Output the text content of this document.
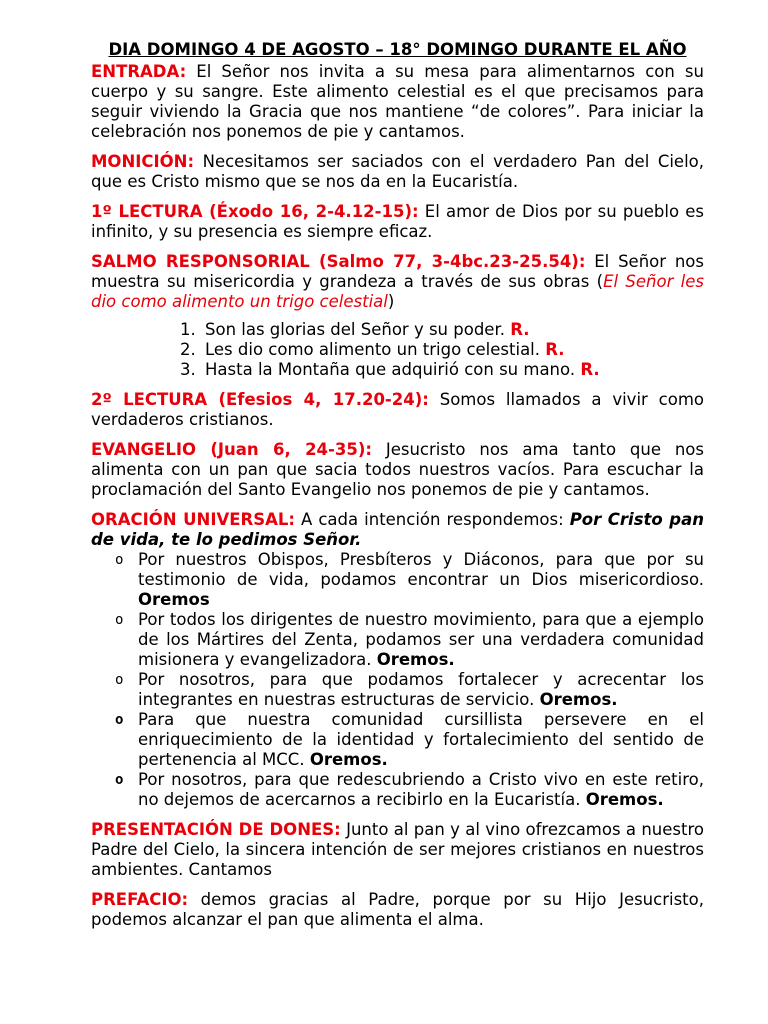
DIA DOMINGO 4 DE AGOSTO – 18° DOMINGO DURANTE EL AÑO

ENTRADA: El Señor nos invita a su mesa para alimentarnos con su cuerpo y su sangre. Este alimento celestial es el que precisamos para seguir viviendo la Gracia que nos mantiene “de colores”. Para iniciar la celebración nos ponemos de pie y cantamos.

MONICIÓN: Necesitamos ser saciados con el verdadero Pan del Cielo, que es Cristo mismo que se nos da en la Eucaristía.

1º LECTURA (Éxodo 16, 2-4.12-15): El amor de Dios por su pueblo es infinito, y su presencia es siempre eficaz.

SALMO RESPONSORIAL (Salmo 77, 3-4bc.23-25.54): El Señor nos muestra su misericordia y grandeza a través de sus obras (El Señor les dio como alimento un trigo celestial)

1. Son las glorias del Señor y su poder. R.
2. Les dio como alimento un trigo celestial. R.
3. Hasta la Montaña que adquirió con su mano. R.

2º LECTURA (Efesios 4, 17.20-24): Somos llamados a vivir como verdaderos cristianos.

EVANGELIO (Juan 6, 24-35): Jesucristo nos ama tanto que nos alimenta con un pan que sacia todos nuestros vacíos. Para escuchar la proclamación del Santo Evangelio nos ponemos de pie y cantamos.

ORACIÓN UNIVERSAL: A cada intención respondemos: Por Cristo pan de vida, te lo pedimos Señor.

o Por nuestros Obispos, Presbíteros y Diáconos, para que por su testimonio de vida, podamos encontrar un Dios misericordioso. Oremos
o Por todos los dirigentes de nuestro movimiento, para que a ejemplo de los Mártires del Zenta, podamos ser una verdadera comunidad misionera y evangelizadora. Oremos.
o Por nosotros, para que podamos fortalecer y acrecentar los integrantes en nuestras estructuras de servicio. Oremos.
o Para que nuestra comunidad cursillista persevere en el enriquecimiento de la identidad y fortalecimiento del sentido de pertenencia al MCC. Oremos.
o Por nosotros, para que redescubriendo a Cristo vivo en este retiro, no dejemos de acercarnos a recibirlo en la Eucaristía. Oremos.

PRESENTACIÓN DE DONES: Junto al pan y al vino ofrezcamos a nuestro Padre del Cielo, la sincera intención de ser mejores cristianos en nuestros ambientes. Cantamos

PREFACIO: demos gracias al Padre, porque por su Hijo Jesucristo, podemos alcanzar el pan que alimenta el alma.
